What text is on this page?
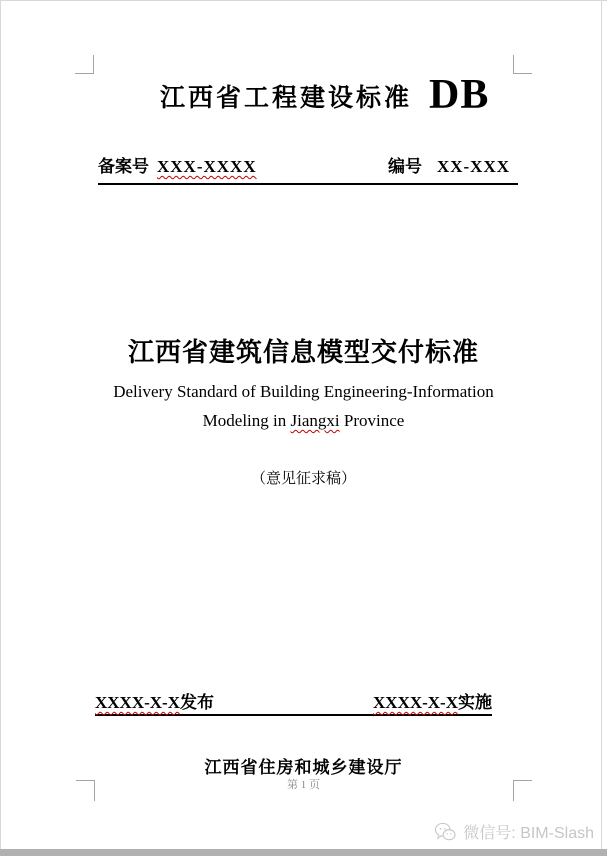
江西省工程建设标准 DB
备案号 XXX-XXXX	编号 XX-XXX
江西省建筑信息模型交付标准
Delivery Standard of Building Engineering-Information
Modeling in Jiangxi Province
（意见征求稿）
XXXX-X-X发布	XXXX-X-X实施
江西省住房和城乡建设厅
第 1 页
微信号: BIM-Slash
